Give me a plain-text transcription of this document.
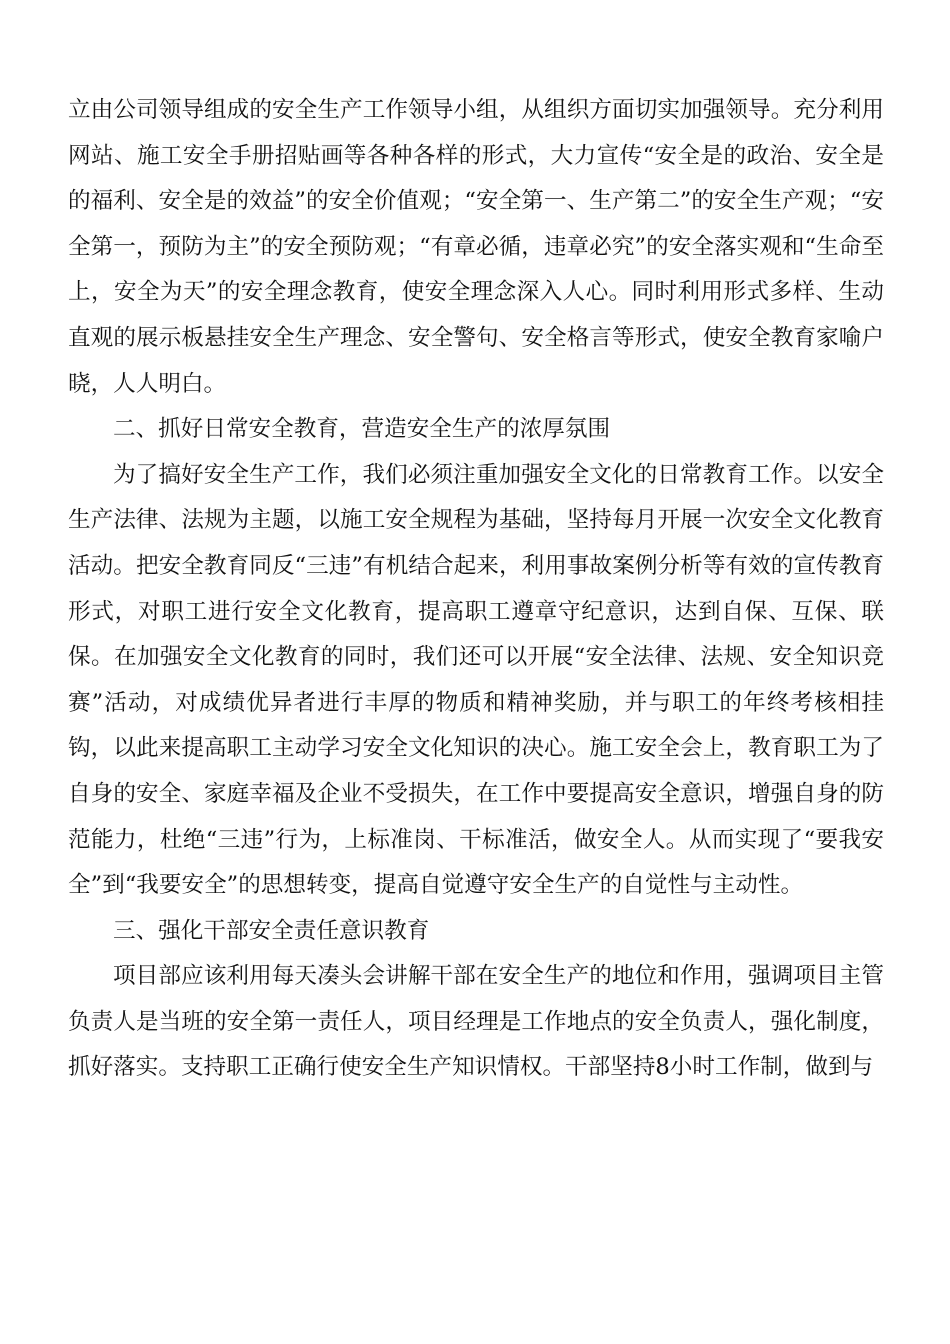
立由公司领导组成的安全生产工作领导小组，从组织方面切实加强领导。充分利用网站、施工安全手册招贴画等各种各样的形式，大力宣传“安全是的政治、安全是的福利、安全是的效益”的安全价值观；“安全第一、生产第二”的安全生产观；“安全第一，预防为主”的安全预防观；“有章必循，违章必究”的安全落实观和“生命至上，安全为天”的安全理念教育，使安全理念深入人心。同时利用形式多样、生动直观的展示板悬挂安全生产理念、安全警句、安全格言等形式，使安全教育家喻户晓，人人明白。

二、抓好日常安全教育，营造安全生产的浓厚氛围

为了搞好安全生产工作，我们必须注重加强安全文化的日常教育工作。以安全生产法律、法规为主题，以施工安全规程为基础，坚持每月开展一次安全文化教育活动。把安全教育同反“三违”有机结合起来，利用事故案例分析等有效的宣传教育形式，对职工进行安全文化教育，提高职工遵章守纪意识，达到自保、互保、联保。在加强安全文化教育的同时，我们还可以开展“安全法律、法规、安全知识竞赛”活动，对成绩优异者进行丰厚的物质和精神奖励，并与职工的年终考核相挂钩，以此来提高职工主动学习安全文化知识的决心。施工安全会上，教育职工为了自身的安全、家庭幸福及企业不受损失，在工作中要提高安全意识，增强自身的防范能力，杜绝“三违”行为，上标准岗、干标准活，做安全人。从而实现了“要我安全”到“我要安全”的思想转变，提高自觉遵守安全生产的自觉性与主动性。

三、强化干部安全责任意识教育

项目部应该利用每天凑头会讲解干部在安全生产的地位和作用，强调项目主管负责人是当班的安全第一责任人，项目经理是工作地点的安全负责人，强化制度，抓好落实。支持职工正确行使安全生产知识情权。干部坚持8小时工作制，做到与
